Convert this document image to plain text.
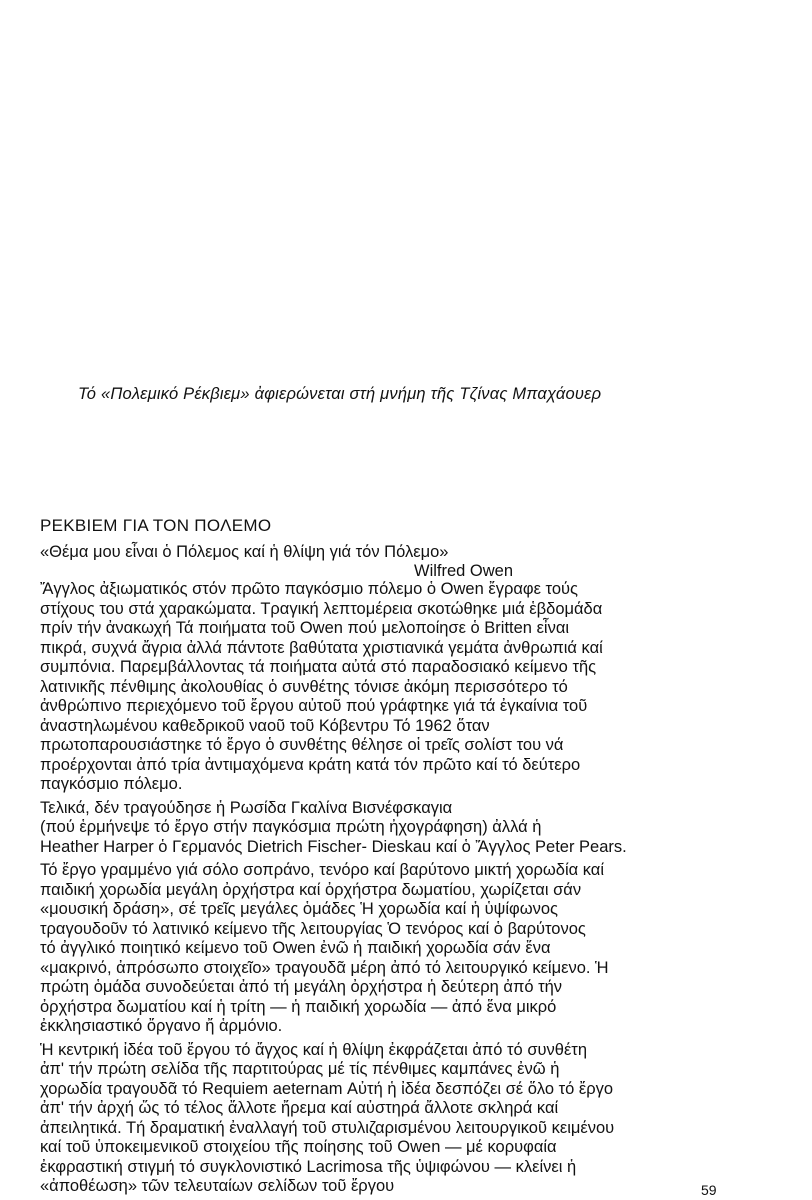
Τό «Πολεμικό Ρέκβιεμ» ἀφιερώνεται στή μνήμη τῆς Τζίνας Μπαχάουερ
ΡΕΚΒΙΕΜ ΓΙΑ ΤΟΝ ΠΟΛΕΜΟ
«Θέμα μου εἶναι ὁ Πόλεμος καί ἡ θλίψη γιά τόν Πόλεμο»
Wilfred Owen
Ἄγγλος ἀξιωματικός στόν πρῶτο παγκόσμιο πόλεμο ὁ Owen ἔγραφε τούς
στίχους του στά χαρακώματα. Τραγική λεπτομέρεια σκοτώθηκε μιά ἑβδομάδα
πρίν τήν ἀνακωχή Τά ποιήματα τοῦ Owen πού μελοποίησε ὁ Britten εἶναι
πικρά, συχνά ἄγρια ἀλλά πάντοτε βαθύτατα χριστιανικά γεμάτα ἀνθρωπιά καί
συμπόνια. Παρεμβάλλοντας τά ποιήματα αὐτά στό παραδοσιακό κείμενο τῆς
λατινικῆς πένθιμης ἀκολουθίας ὁ συνθέτης τόνισε ἀκόμη περισσότερο τό
ἀνθρώπινο περιεχόμενο τοῦ ἔργου αὐτοῦ πού γράφτηκε γιά τά ἐγκαίνια τοῦ
ἀναστηλωμένου καθεδρικοῦ ναοῦ τοῦ Κόβεντρυ Τό 1962 ὅταν
πρωτοπαρουσιάστηκε τό ἔργο ὁ συνθέτης θέλησε οἱ τρεῖς σολίστ του νά
προέρχονται ἀπό τρία ἀντιμαχόμενα κράτη κατά τόν πρῶτο καί τό δεύτερο
παγκόσμιο πόλεμο.
Τελικά, δέν τραγούδησε ἡ Ρωσίδα Γκαλίνα Βισνέφσκαγια
(πού ἑρμήνεψε τό ἔργο στήν παγκόσμια πρώτη ἠχογράφηση) ἀλλά ἡ
Heather Harper ὁ Γερμανός Dietrich Fischer- Dieskau καί ὁ Ἄγγλος Peter Pears.
Τό ἔργο γραμμένο γιά σόλο σοπράνο, τενόρο καί βαρύτονο μικτή χορωδία καί
παιδική χορωδία μεγάλη ὀρχήστρα καί ὀρχήστρα δωματίου, χωρίζεται σάν
«μουσική δράση», σέ τρεῖς μεγάλες ὁμάδες Ἡ χορωδία καί ἡ ὑψίφωνος
τραγουδοῦν τό λατινικό κείμενο τῆς λειτουργίας Ὁ τενόρος καί ὁ βαρύτονος
τό ἀγγλικό ποιητικό κείμενο τοῦ Owen ἐνῶ ἡ παιδική χορωδία σάν ἕνα
«μακρινό, ἀπρόσωπο στοιχεῖο» τραγουδᾶ μέρη ἀπό τό λειτουργικό κείμενο. Ἡ
πρώτη ὁμάδα συνοδεύεται ἀπό τή μεγάλη ὀρχήστρα ἡ δεύτερη ἀπό τήν
ὀρχήστρα δωματίου καί ἡ τρίτη — ἡ παιδική χορωδία — ἀπό ἕνα μικρό
ἐκκλησιαστικό ὄργανο ἤ ἁρμόνιο.
Ἡ κεντρική ἰδέα τοῦ ἔργου τό ἄγχος καί ἡ θλίψη ἐκφράζεται ἀπό τό συνθέτη
ἀπ' τήν πρώτη σελίδα τῆς παρτιτούρας μέ τίς πένθιμες καμπάνες ἐνῶ ἡ
χορωδία τραγουδᾶ τό Requiem aeternam Αὐτή ἡ ἰδέα δεσπόζει σέ ὅλο τό ἔργο
ἀπ' τήν ἀρχή ὥς τό τέλος ἄλλοτε ἤρεμα καί αὐστηρά ἄλλοτε σκληρά καί
ἀπειλητικά. Τή δραματική ἐναλλαγή τοῦ στυλιζαρισμένου λειτουργικοῦ κειμένου
καί τοῦ ὑποκειμενικοῦ στοιχείου τῆς ποίησης τοῦ Owen — μέ κορυφαία
ἐκφραστική στιγμή τό συγκλονιστικό Lacrimosa τῆς ὑψιφώνου — κλείνει ἡ
«ἀποθέωση» τῶν τελευταίων σελίδων τοῦ ἔργου	59
